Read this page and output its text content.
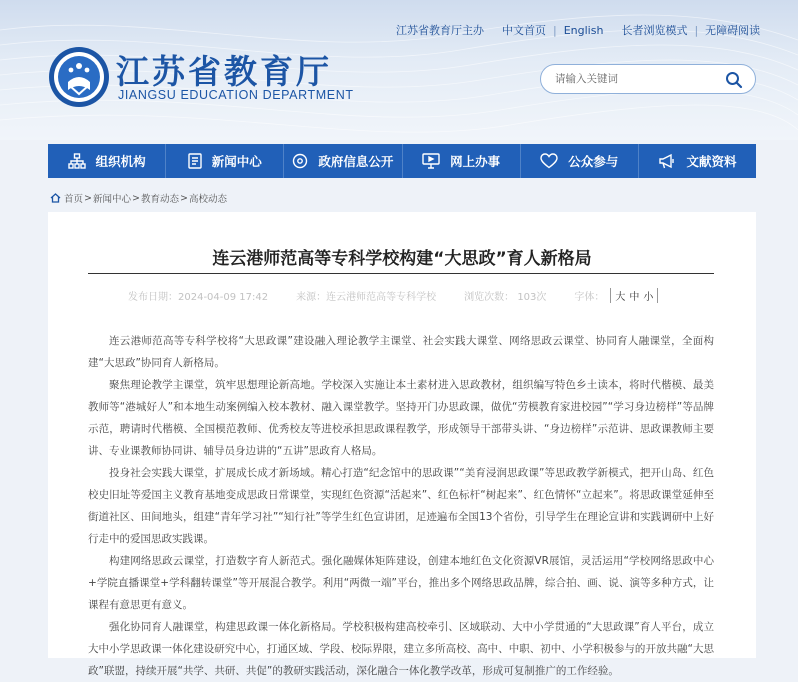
江苏省教育厅主办 中文首页 | English 长者浏览模式 | 无障碍阅读
江苏省教育厅
JIANGSU EDUCATION DEPARTMENT
请输入关键词
组织机构	新闻中心	政府信息公开	网上办事	公众参与	文献资料
首页 > 新闻中心 > 教育动态 > 高校动态
连云港师范高等专科学校构建“大思政”育人新格局
发布日期：2024-04-09 17:42	来源：连云港师范高等专科学校	浏览次数： 103次	字体： 大 中 小

连云港师范高等专科学校将“大思政课”建设融入理论教学主课堂、社会实践大课堂、网络思政云课堂、协同育人融课堂，全面构建“大思政”协同育人新格局。

聚焦理论教学主课堂，筑牢思想理论新高地。学校深入实施让本土素材进入思政教材，组织编写特色乡土读本，将时代楷模、最美教师等“港城好人”和本地生动案例编入校本教材、融入课堂教学。坚持开门办思政课，做优“劳模教育家进校园”“学习身边榜样”等品牌示范，聘请时代楷模、全国模范教师、优秀校友等进校承担思政课程教学，形成领导干部带头讲、“身边榜样”示范讲、思政课教师主要讲、专业课教师协同讲、辅导员身边讲的“五讲”思政育人格局。

投身社会实践大课堂，扩展成长成才新场域。精心打造“纪念馆中的思政课”“美育浸润思政课”等思政教学新模式，把开山岛、红色校史旧址等爱国主义教育基地变成思政日常课堂，实现红色资源“活起来”、红色标杆“树起来”、红色情怀“立起来”。将思政课堂延伸至街道社区、田间地头，组建“青年学习社”“知行社”等学生红色宣讲团，足迹遍布全国13个省份，引导学生在理论宣讲和实践调研中上好行走中的爱国思政实践课。

构建网络思政云课堂，打造数字育人新范式。强化融媒体矩阵建设，创建本地红色文化资源VR展馆，灵活运用“学校网络思政中心+学院直播课堂+学科翻转课堂”等开展混合教学。利用“两微一端”平台，推出多个网络思政品牌，综合拍、画、说、演等多种方式，让课程有意思更有意义。

强化协同育人融课堂，构建思政课一体化新格局。学校积极构建高校牵引、区域联动、大中小学贯通的“大思政课”育人平台，成立大中小学思政课一体化建设研究中心，打通区域、学段、校际界限，建立多所高校、高中、中职、初中、小学积极参与的开放共融“大思政”联盟，持续开展“共学、共研、共促”的教研实践活动，深化融合一体化教学改革，形成可复制推广的工作经验。
